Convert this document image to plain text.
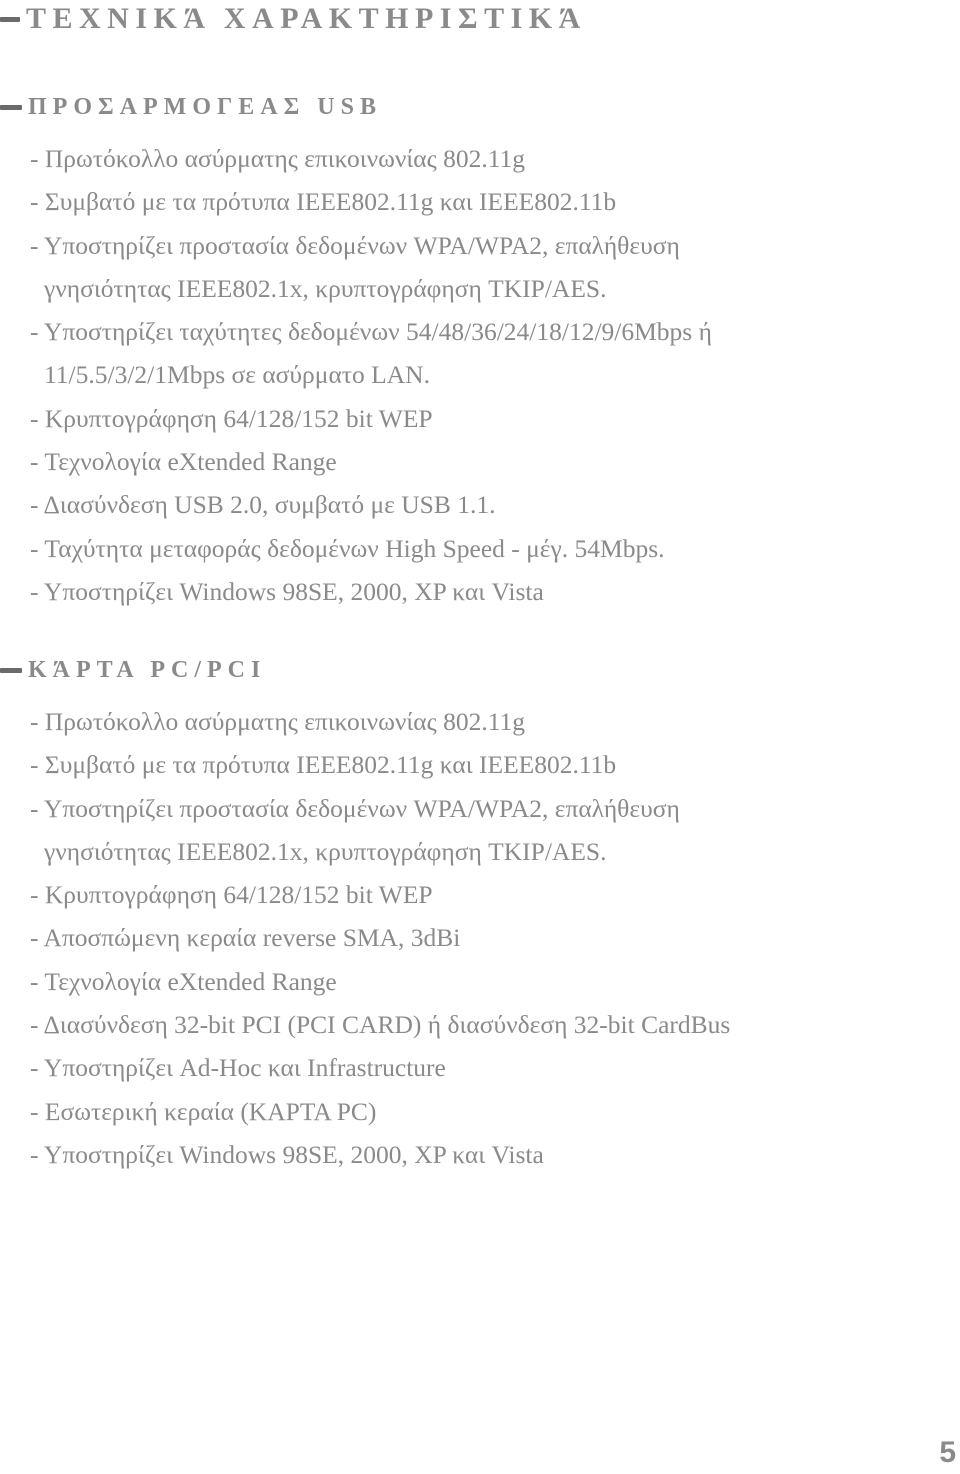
ΤΕΧΝΙΚΆ ΧΑΡΑΚΤΗΡΙΣΤΙΚΆ
ΠΡΟΣΑΡΜΟΓΕΑΣ USB
- Πρωτόκολλο ασύρματης επικοινωνίας 802.11g
- Συμβατό με τα πρότυπα IEEE802.11g και IEEE802.11b
- Υποστηρίζει προστασία δεδομένων WPA/WPA2, επαλήθευση
γνησιότητας IEEE802.1x, κρυπτογράφηση TKIP/AES.
- Υποστηρίζει ταχύτητες δεδομένων 54/48/36/24/18/12/9/6Mbps ή
11/5.5/3/2/1Mbps σε ασύρματο LAN.
- Κρυπτογράφηση 64/128/152 bit WEP
- Τεχνολογία eXtended Range
- Διασύνδεση USB 2.0, συμβατό με USB 1.1.
- Ταχύτητα μεταφοράς δεδομένων High Speed - μέγ. 54Mbps.
- Υποστηρίζει Windows 98SE, 2000, XP και Vista
ΚΆΡΤΑ PC/PCI
- Πρωτόκολλο ασύρματης επικοινωνίας 802.11g
- Συμβατό με τα πρότυπα IEEE802.11g και IEEE802.11b
- Υποστηρίζει προστασία δεδομένων WPA/WPA2, επαλήθευση
γνησιότητας IEEE802.1x, κρυπτογράφηση TKIP/AES.
- Κρυπτογράφηση 64/128/152 bit WEP
- Αποσπώμενη κεραία reverse SMA, 3dBi
- Τεχνολογία eXtended Range
- Διασύνδεση 32-bit PCI (PCI CARD) ή διασύνδεση 32-bit CardBus
- Υποστηρίζει Ad-Hoc και Infrastructure
- Εσωτερική κεραία (ΚΑΡΤΑ PC)
- Υποστηρίζει Windows 98SE, 2000, XP και Vista
5
